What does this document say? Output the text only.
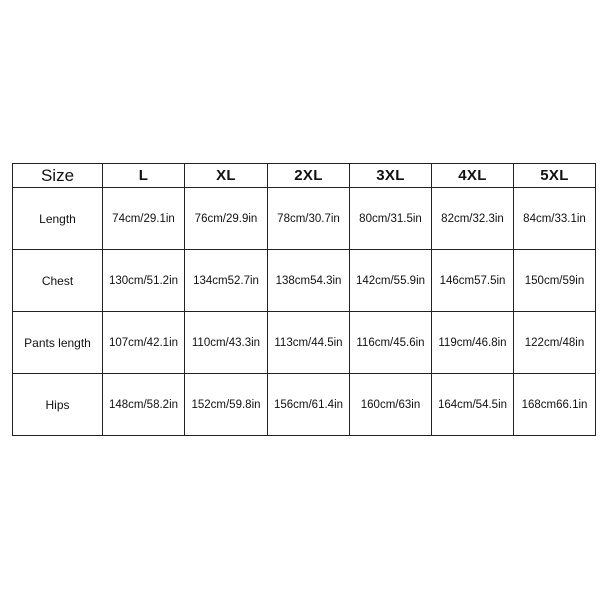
Size	L	XL	2XL	3XL	4XL	5XL
Length	74cm/29.1in	76cm/29.9in	78cm/30.7in	80cm/31.5in	82cm/32.3in	84cm/33.1in
Chest	130cm/51.2in	134cm52.7in	138cm54.3in	142cm/55.9in	146cm57.5in	150cm/59in
Pants length	107cm/42.1in	110cm/43.3in	113cm/44.5in	116cm/45.6in	119cm/46.8in	122cm/48in
Hips	148cm/58.2in	152cm/59.8in	156cm/61.4in	160cm/63in	164cm/54.5in	168cm66.1in
